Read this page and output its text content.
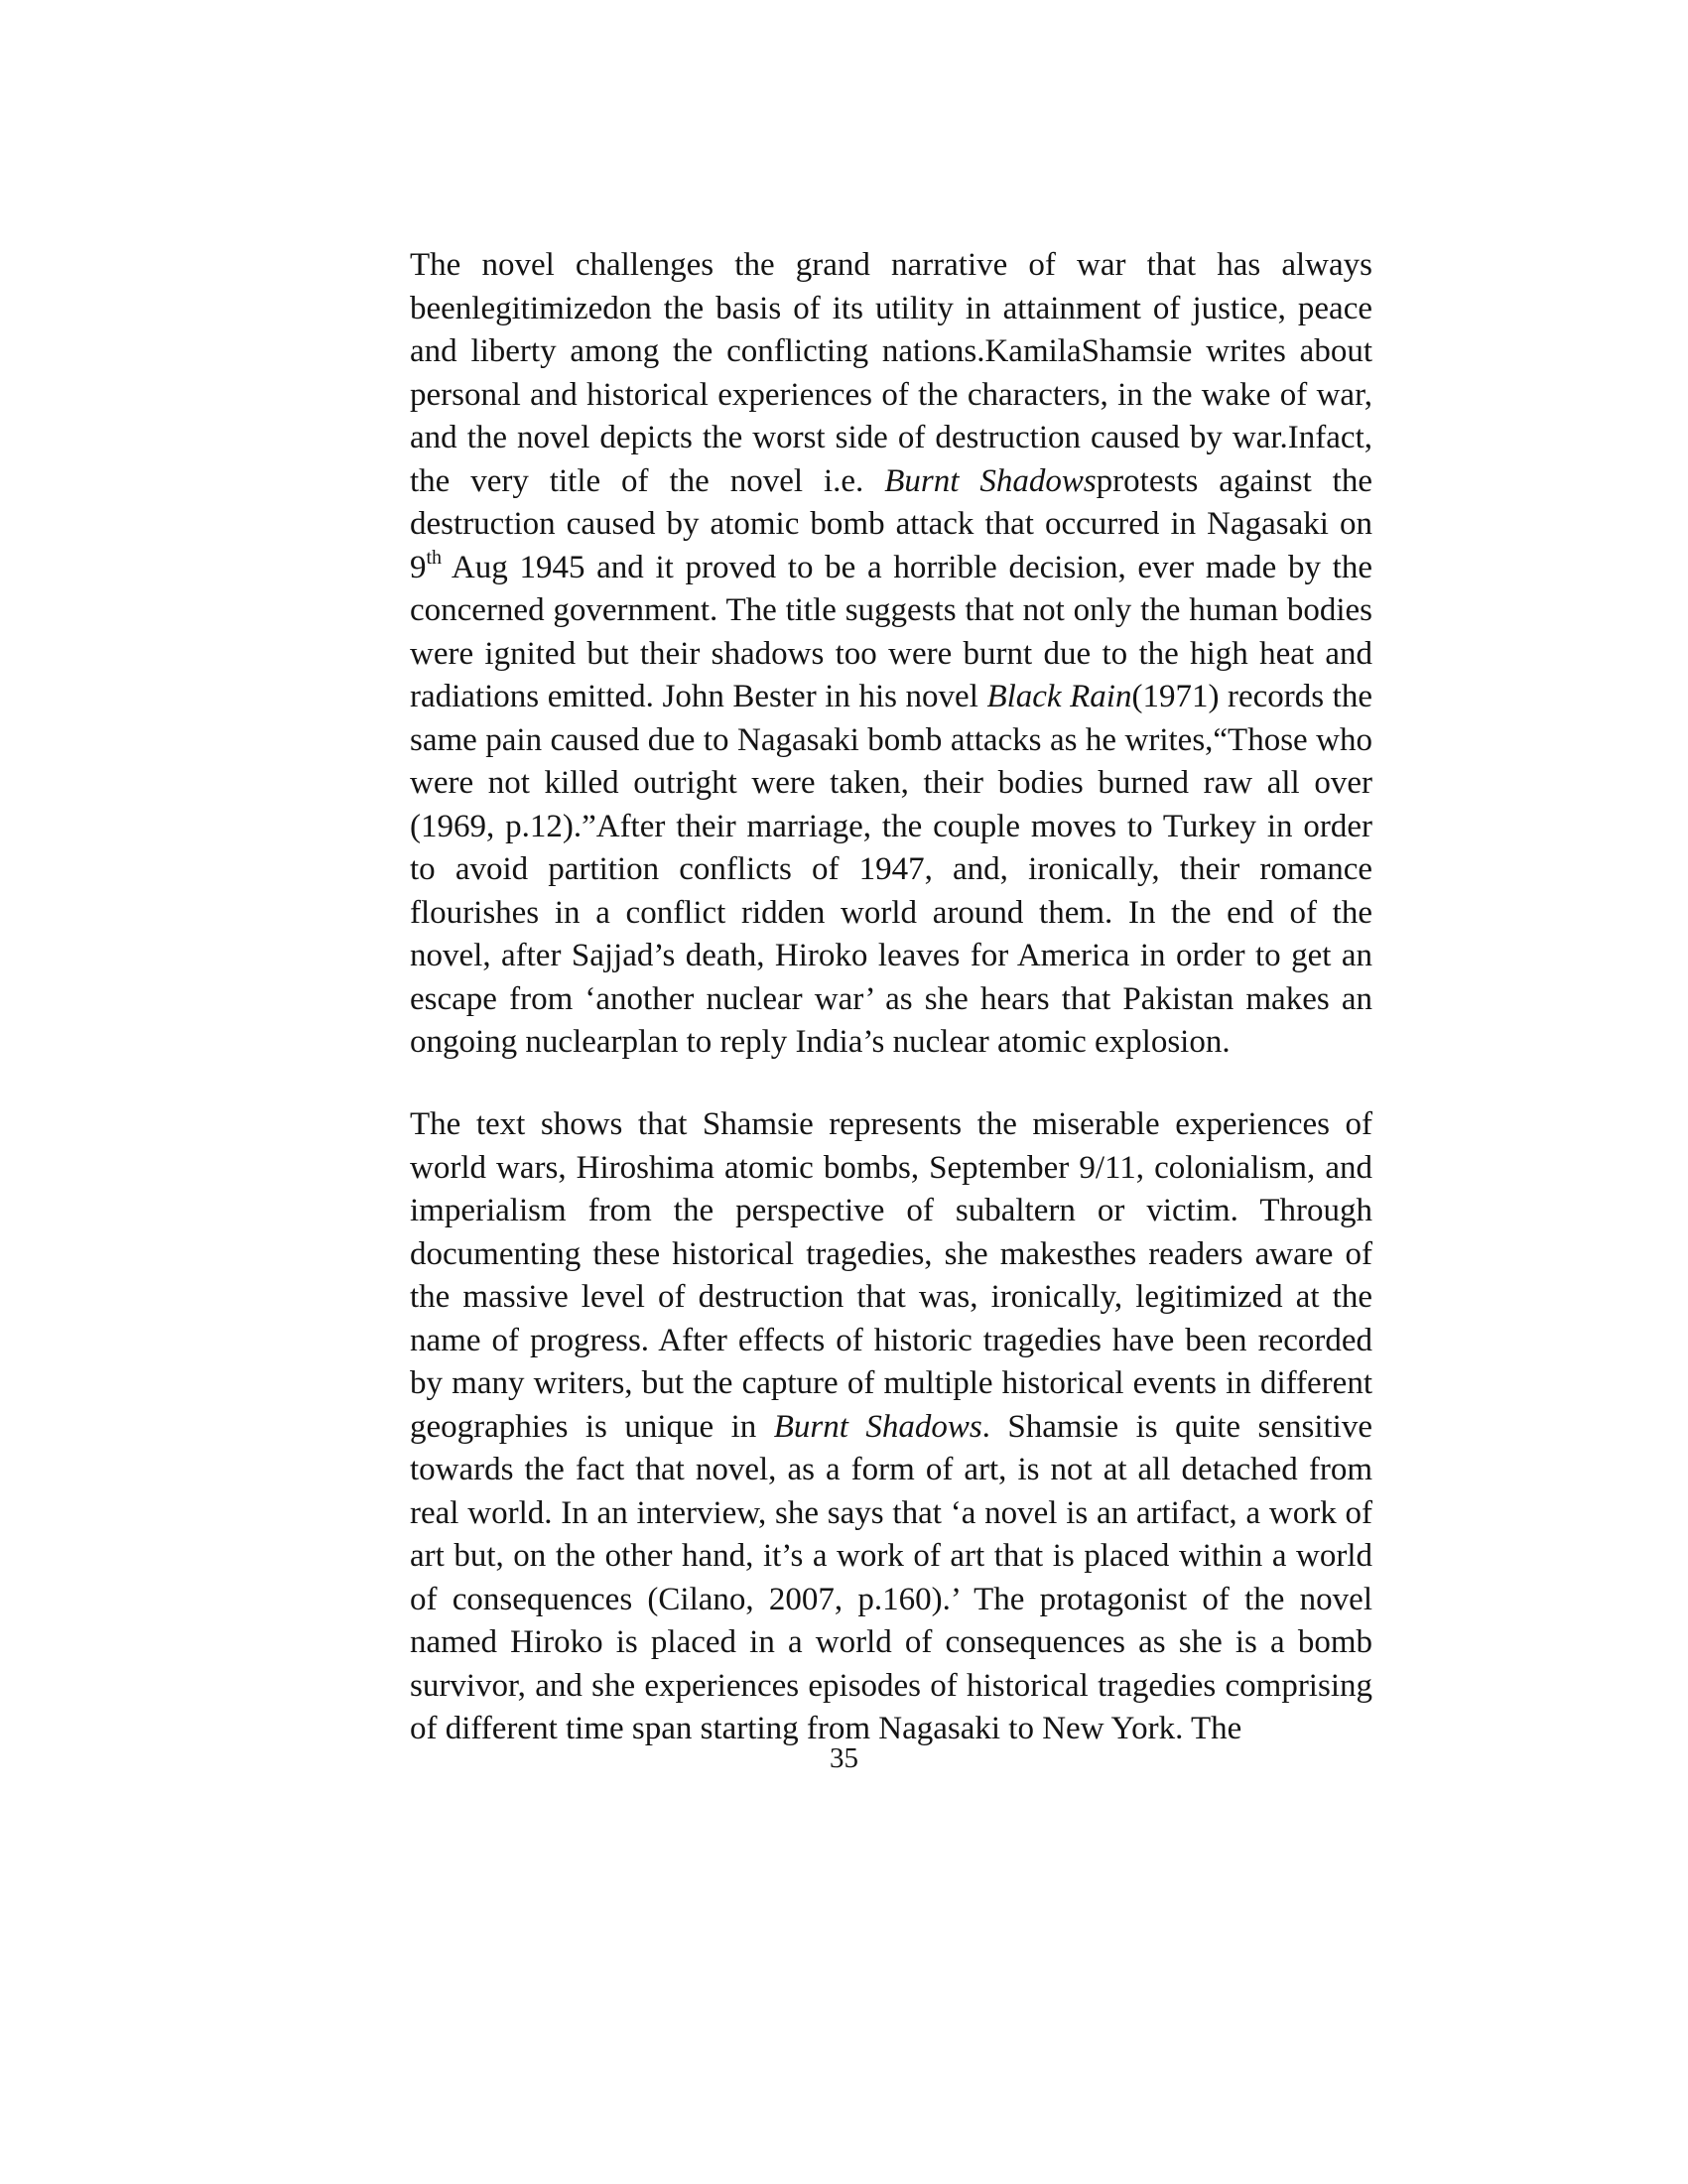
The novel challenges the grand narrative of war that has always beenlegitimizedon the basis of its utility in attainment of justice, peace and liberty among the conflicting nations.KamilaShamsie writes about personal and historical experiences of the characters, in the wake of war, and the novel depicts the worst side of destruction caused by war.Infact, the very title of the novel i.e. Burnt Shadowsprotests against the destruction caused by atomic bomb attack that occurred in Nagasaki on 9th Aug 1945 and it proved to be a horrible decision, ever made by the concerned government. The title suggests that not only the human bodies were ignited but their shadows too were burnt due to the high heat and radiations emitted. John Bester in his novel Black Rain(1971) records the same pain caused due to Nagasaki bomb attacks as he writes,“Those who were not killed outright were taken, their bodies burned raw all over (1969, p.12).”After their marriage, the couple moves to Turkey in order to avoid partition conflicts of 1947, and, ironically, their romance flourishes in a conflict ridden world around them. In the end of the novel, after Sajjad’s death, Hiroko leaves for America in order to get an escape from ‘another nuclear war’ as she hears that Pakistan makes an ongoing nuclearplan to reply India’s nuclear atomic explosion.

The text shows that Shamsie represents the miserable experiences of world wars, Hiroshima atomic bombs, September 9/11, colonialism, and imperialism from the perspective of subaltern or victim. Through documenting these historical tragedies, she makesthes readers aware of the massive level of destruction that was, ironically, legitimized at the name of progress. After effects of historic tragedies have been recorded by many writers, but the capture of multiple historical events in different geographies is unique in Burnt Shadows. Shamsie is quite sensitive towards the fact that novel, as a form of art, is not at all detached from real world. In an interview, she says that ‘a novel is an artifact, a work of art but, on the other hand, it’s a work of art that is placed within a world of consequences (Cilano, 2007, p.160).’ The protagonist of the novel named Hiroko is placed in a world of consequences as she is a bomb survivor, and she experiences episodes of historical tragedies comprising of different time span starting from Nagasaki to New York. The

35
